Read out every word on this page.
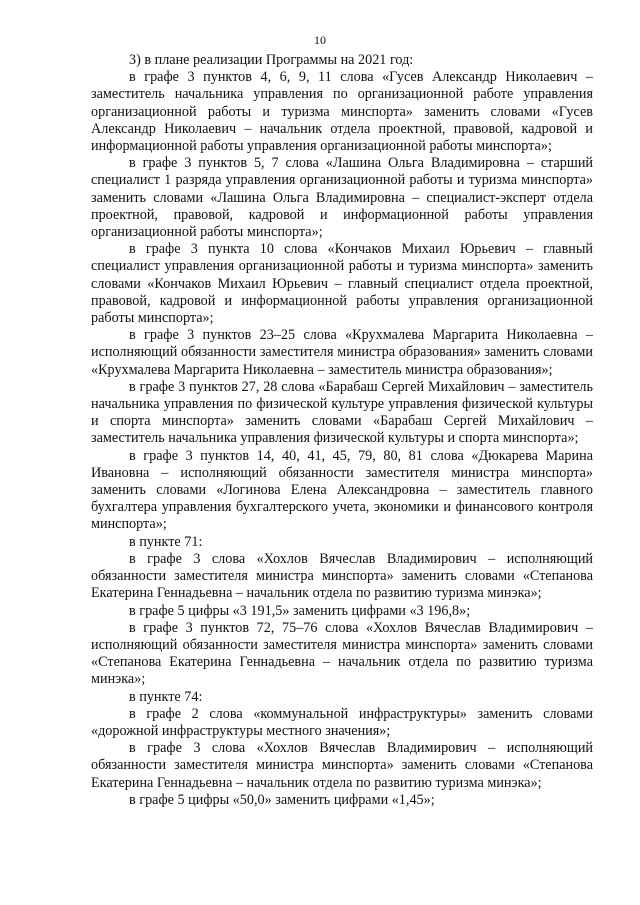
10

3) в плане реализации Программы на 2021 год:

в графе 3 пунктов 4, 6, 9, 11 слова «Гусев Александр Николаевич – заместитель начальника управления по организационной работе управления организационной работы и туризма минспорта» заменить словами «Гусев Александр Николаевич – начальник отдела проектной, правовой, кадровой и информационной работы управления организационной работы минспорта»;

в графе 3 пунктов 5, 7 слова «Лашина Ольга Владимировна – старший специалист 1 разряда управления организационной работы и туризма минспорта» заменить словами «Лашина Ольга Владимировна – специалист-эксперт отдела проектной, правовой, кадровой и информационной работы управления организационной работы минспорта»;

в графе 3 пункта 10 слова «Кончаков Михаил Юрьевич – главный специалист управления организационной работы и туризма минспорта» заменить словами «Кончаков Михаил Юрьевич – главный специалист отдела проектной, правовой, кадровой и информационной работы управления организационной работы минспорта»;

в графе 3 пунктов 23–25 слова «Крухмалева Маргарита Николаевна – исполняющий обязанности заместителя министра образования» заменить словами «Крухмалева Маргарита Николаевна – заместитель министра образования»;

в графе 3 пунктов 27, 28 слова «Барабаш Сергей Михайлович – заместитель начальника управления по физической культуре управления физической культуры и спорта минспорта» заменить словами «Барабаш Сергей Михайлович – заместитель начальника управления физической культуры и спорта минспорта»;

в графе 3 пунктов 14, 40, 41, 45, 79, 80, 81 слова «Дюкарева Марина Ивановна – исполняющий обязанности заместителя министра минспорта» заменить словами «Логинова Елена Александровна – заместитель главного бухгалтера управления бухгалтерского учета, экономики и финансового контроля минспорта»;

в пункте 71:

в графе 3 слова «Хохлов Вячеслав Владимирович – исполняющий обязанности заместителя министра минспорта» заменить словами «Степанова Екатерина Геннадьевна – начальник отдела по развитию туризма минэка»;

в графе 5 цифры «3 191,5» заменить цифрами «3 196,8»;

в графе 3 пунктов 72, 75–76 слова «Хохлов Вячеслав Владимирович – исполняющий обязанности заместителя министра минспорта» заменить словами «Степанова Екатерина Геннадьевна – начальник отдела по развитию туризма минэка»;

в пункте 74:

в графе 2 слова «коммунальной инфраструктуры» заменить словами «дорожной инфраструктуры местного значения»;

в графе 3 слова «Хохлов Вячеслав Владимирович – исполняющий обязанности заместителя министра минспорта» заменить словами «Степанова Екатерина Геннадьевна – начальник отдела по развитию туризма минэка»;

в графе 5 цифры «50,0» заменить цифрами «1,45»;
